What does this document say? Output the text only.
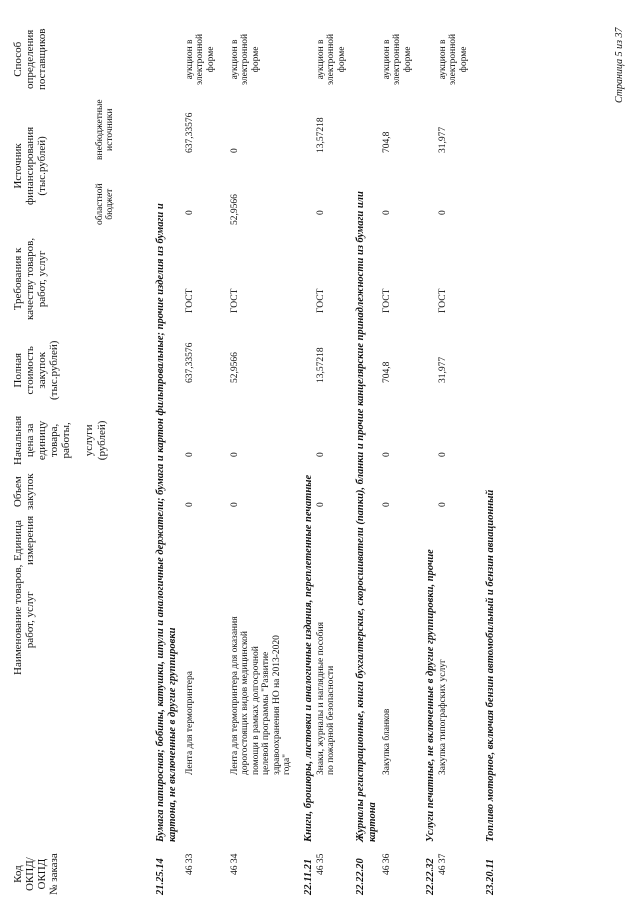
Код ОКПД/ ОКПД № заказа
Наименование товаров, работ, услуг
Единица измерения
Объем закупок
Начальная цена за единицу товара, работы, услуги (рублей)
Полная стоимость закупок (тыс.рублей)
Требования к качеству товаров, работ, услуг
Источник финансирования (тыс.рублей)
областной бюджет
внебюджетные источники
Способ определения поставщиков
21.25.14
Бумага папиросная; бобины, катушки, шпули и аналогичные держатели; бумага и картон фильтровальные; прочие изделия из бумаги и картона, не включенные в другие группировки
46 33
Лента для термопринтера
0
0
637,33576
ГОСТ
0
637,33576
аукцион в электронной форме
46 34
Лента для термопринтера для оказания дорогостоящих видов медицинской помощи в рамках долгосрочной целевой программы "Развитие здравоохранения НО на 2013-2020 года"
0
0
52,9566
ГОСТ
52,9566
0
аукцион в электронной форме
22.11.21
Книги, брошюры, листовки и аналогичные издания, переплетенные печатные
46 35
Знаки, журналы и наглядные пособия по пожарной безопасности
0
0
13,57218
ГОСТ
0
13,57218
аукцион в электронной форме
22.22.20
Журналы регистрационные, книги бухгалтерские, скоросшиватели (папки), бланки и прочие канцелярские принадлежности из бумаги или картона
46 36
Закупка бланков
0
0
704,8
ГОСТ
0
704,8
аукцион в электронной форме
22.22.32
Услуги печатные, не включенные в другие группировки, прочие
46 37
Закупка типографских услуг
0
0
31,977
ГОСТ
0
31,977
аукцион в электронной форме
23.20.11
Топливо моторное, включая бензин автомобильный и бензин авиационный
Страница 5 из 37
